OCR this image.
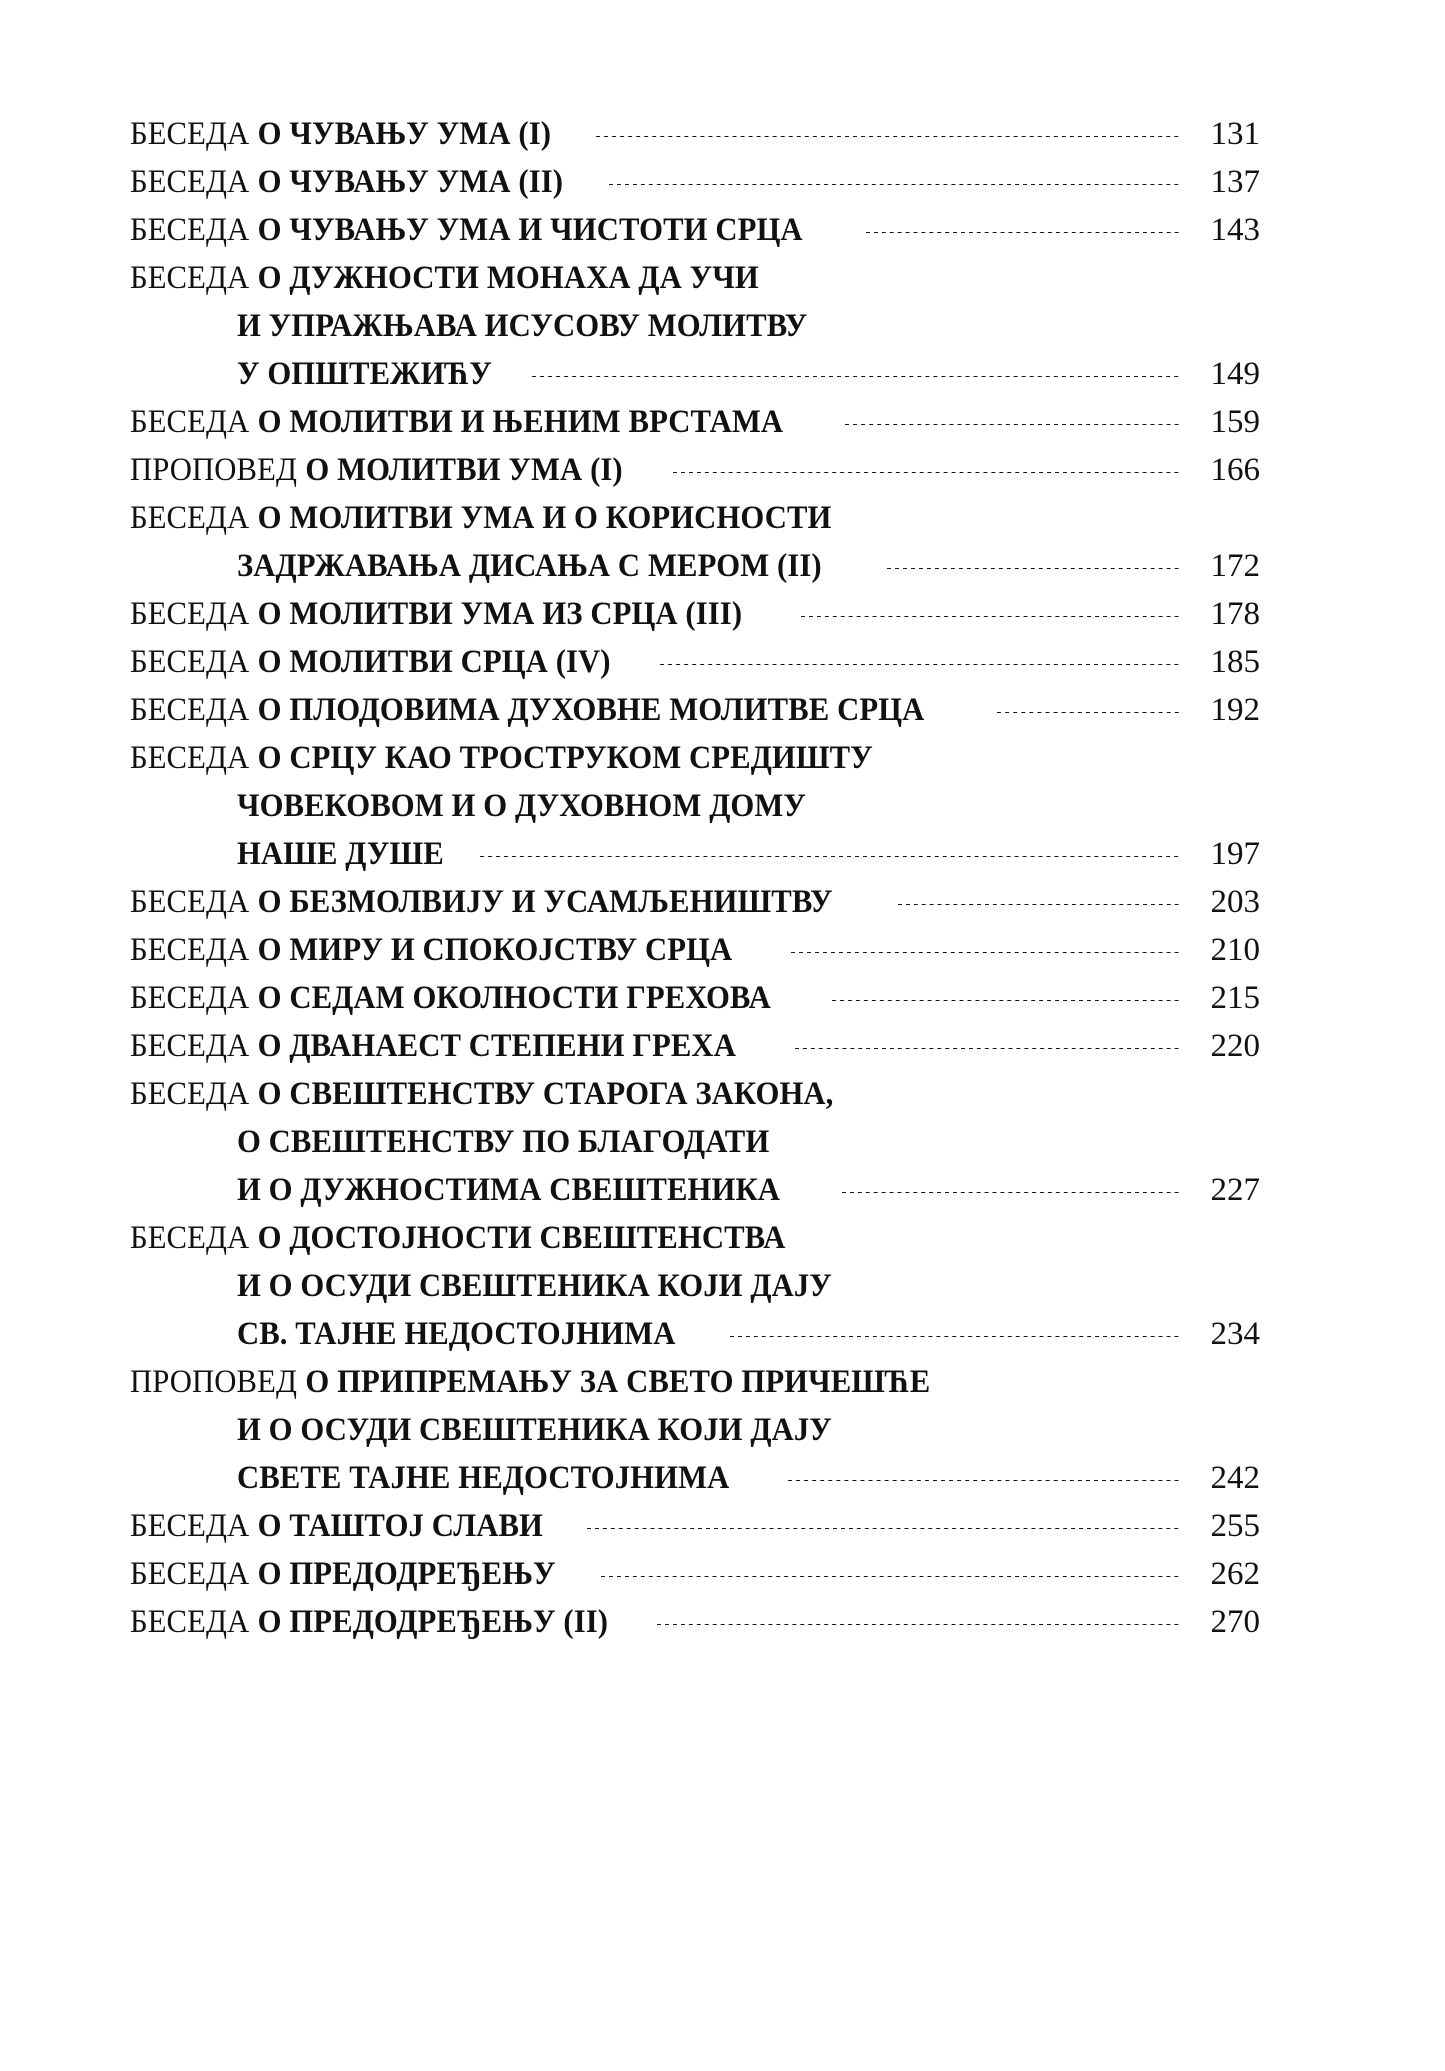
БЕСЕДА О ЧУВАЊУ УМА (I)	131
БЕСЕДА О ЧУВАЊУ УМА (II)	137
БЕСЕДА О ЧУВАЊУ УМА И ЧИСТОТИ СРЦА	143
БЕСЕДА О ДУЖНОСТИ МОНАХА ДА УЧИ
И УПРАЖЊАВА ИСУСОВУ МОЛИТВУ
У ОПШТЕЖИЋУ	149
БЕСЕДА О МОЛИТВИ И ЊЕНИМ ВРСТАМА	159
ПРОПОВЕД О МОЛИТВИ УМА (I)	166
БЕСЕДА О МОЛИТВИ УМА И О КОРИСНОСТИ
ЗАДРЖАВАЊА ДИСАЊА С МЕРОМ (II)	172
БЕСЕДА О МОЛИТВИ УМА ИЗ СРЦА (III)	178
БЕСЕДА О МОЛИТВИ СРЦА (IV)	185
БЕСЕДА О ПЛОДОВИМА ДУХОВНЕ МОЛИТВЕ СРЦА	192
БЕСЕДА О СРЦУ КАО ТРОСТРУКОМ СРЕДИШТУ
ЧОВЕКОВОМ И О ДУХОВНОМ ДОМУ
НАШЕ ДУШЕ	197
БЕСЕДА О БЕЗМОЛВИЈУ И УСАМЉЕНИШТВУ	203
БЕСЕДА О МИРУ И СПОКОЈСТВУ СРЦА	210
БЕСЕДА О СЕДАМ ОКОЛНОСТИ ГРЕХОВА	215
БЕСЕДА О ДВАНАЕСТ СТЕПЕНИ ГРЕХА	220
БЕСЕДА О СВЕШТЕНСТВУ СТАРОГА ЗАКОНА,
О СВЕШТЕНСТВУ ПО БЛАГОДАТИ
И О ДУЖНОСТИМА СВЕШТЕНИКА	227
БЕСЕДА О ДОСТОЈНОСТИ СВЕШТЕНСТВА
И О ОСУДИ СВЕШТЕНИКА КОЈИ ДАЈУ
СВ. ТАЈНЕ НЕДОСТОЈНИМА	234
ПРОПОВЕД О ПРИПРЕМАЊУ ЗА СВЕТО ПРИЧЕШЋЕ
И О ОСУДИ СВЕШТЕНИКА КОЈИ ДАЈУ
СВЕТЕ ТАЈНЕ НЕДОСТОЈНИМА	242
БЕСЕДА О ТАШТОЈ СЛАВИ	255
БЕСЕДА О ПРЕДОДРЕЂЕЊУ	262
БЕСЕДА О ПРЕДОДРЕЂЕЊУ (II)	270
